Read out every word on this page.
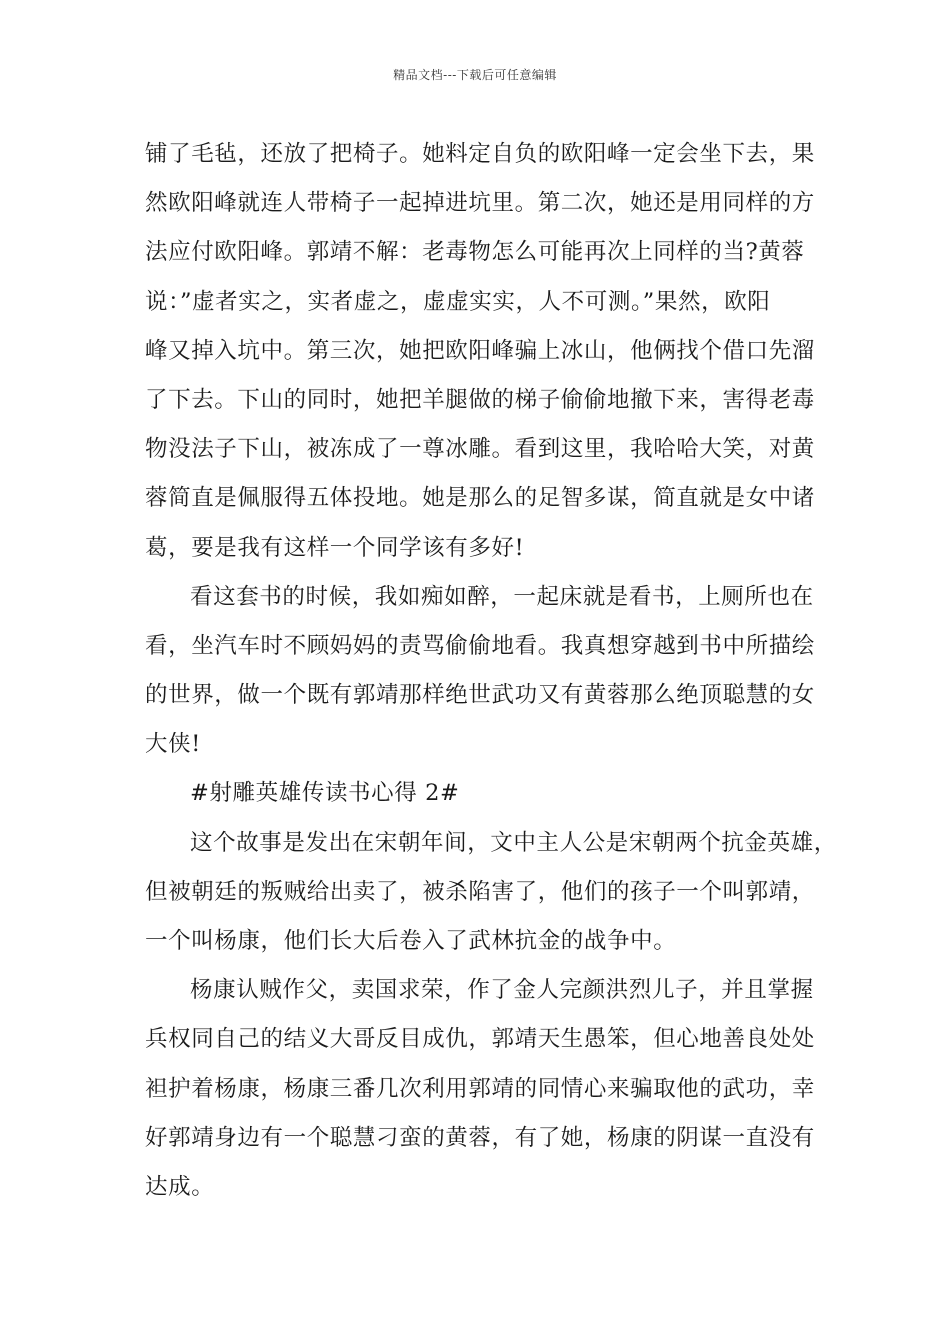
精品文档---下载后可任意编辑
铺了毛毡，还放了把椅子。她料定自负的欧阳峰一定会坐下去，果
然欧阳峰就连人带椅子一起掉进坑里。第二次，她还是用同样的方
法应付欧阳峰。郭靖不解：老毒物怎么可能再次上同样的当?黄蓉
说：”虚者实之，实者虚之，虚虚实实，人不可测。”果然，欧阳
峰又掉入坑中。第三次，她把欧阳峰骗上冰山，他俩找个借口先溜
了下去。下山的同时，她把羊腿做的梯子偷偷地撤下来，害得老毒
物没法子下山，被冻成了一尊冰雕。看到这里，我哈哈大笑，对黄
蓉简直是佩服得五体投地。她是那么的足智多谋，简直就是女中诸
葛，要是我有这样一个同学该有多好!
看这套书的时候，我如痴如醉，一起床就是看书，上厕所也在
看，坐汽车时不顾妈妈的责骂偷偷地看。我真想穿越到书中所描绘
的世界，做一个既有郭靖那样绝世武功又有黄蓉那么绝顶聪慧的女
大侠!
#射雕英雄传读书心得 2#
这个故事是发出在宋朝年间，文中主人公是宋朝两个抗金英雄，
但被朝廷的叛贼给出卖了，被杀陷害了，他们的孩子一个叫郭靖，
一个叫杨康，他们长大后卷入了武林抗金的战争中。
杨康认贼作父，卖国求荣，作了金人完颜洪烈儿子，并且掌握
兵权同自己的结义大哥反目成仇，郭靖天生愚笨，但心地善良处处
袒护着杨康，杨康三番几次利用郭靖的同情心来骗取他的武功，幸
好郭靖身边有一个聪慧刁蛮的黄蓉，有了她，杨康的阴谋一直没有
达成。
